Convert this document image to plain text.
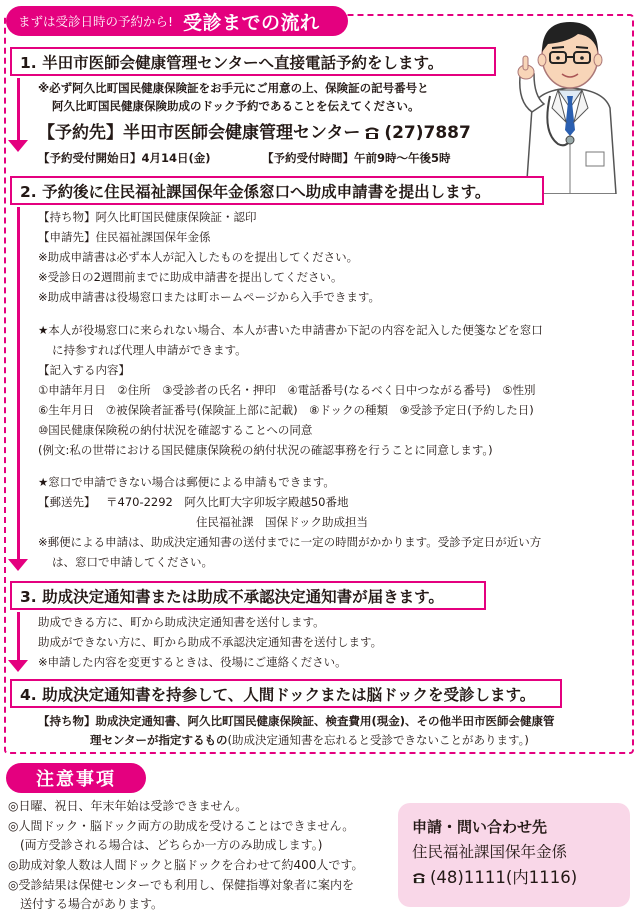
まずは受診日時の予約から! 受診までの流れ
1. 半田市医師会健康管理センターへ直接電話予約をします。
※必ず阿久比町国民健康保険証をお手元にご用意の上、保険証の記号番号と
阿久比町国民健康保険助成のドック予約であることを伝えてください。
【予約先】半田市医師会健康管理センター (27)7887
【予約受付開始日】4月14日(金)	【予約受付時間】午前9時〜午後5時
2. 予約後に住民福祉課国保年金係窓口へ助成申請書を提出します。
【持ち物】阿久比町国民健康保険証・認印
【申請先】住民福祉課国保年金係
※助成申請書は必ず本人が記入したものを提出してください。
※受診日の2週間前までに助成申請書を提出してください。
※助成申請書は役場窓口または町ホームページから入手できます。
★本人が役場窓口に来られない場合、本人が書いた申請書か下記の内容を記入した便箋などを窓口
に持参すれば代理人申請ができます。
【記入する内容】
①申請年月日　②住所　③受診者の氏名・押印　④電話番号(なるべく日中つながる番号)　⑤性別
⑥生年月日　⑦被保険者証番号(保険証上部に記載)　⑧ドックの種類　⑨受診予定日(予約した日)
⑩国民健康保険税の納付状況を確認することへの同意
(例文:私の世帯における国民健康保険税の納付状況の確認事務を行うことに同意します。)
★窓口で申請できない場合は郵便による申請もできます。
【郵送先】 〒470-2292　阿久比町大字卯坂字殿越50番地
住民福祉課　国保ドック助成担当
※郵便による申請は、助成決定通知書の送付までに一定の時間がかかります。受診予定日が近い方
は、窓口で申請してください。
3. 助成決定通知書または助成不承認決定通知書が届きます。
助成できる方に、町から助成決定通知書を送付します。
助成ができない方に、町から助成不承認決定通知書を送付します。
※申請した内容を変更するときは、役場にご連絡ください。
4. 助成決定通知書を持参して、人間ドックまたは脳ドックを受診します。
【持ち物】助成決定通知書、阿久比町国民健康保険証、検査費用(現金)、その他半田市医師会健康管
理センターが指定するもの(助成決定通知書を忘れると受診できないことがあります。)
注意事項
◎日曜、祝日、年末年始は受診できません。
◎人間ドック・脳ドック両方の助成を受けることはできません。
　(両方受診される場合は、どちらか一方のみ助成します。)
◎助成対象人数は人間ドックと脳ドックを合わせて約400人です。
◎受診結果は保健センターでも利用し、保健指導対象者に案内を
　送付する場合があります。
申請・問い合わせ先
住民福祉課国保年金係
(48)1111(内1116)
